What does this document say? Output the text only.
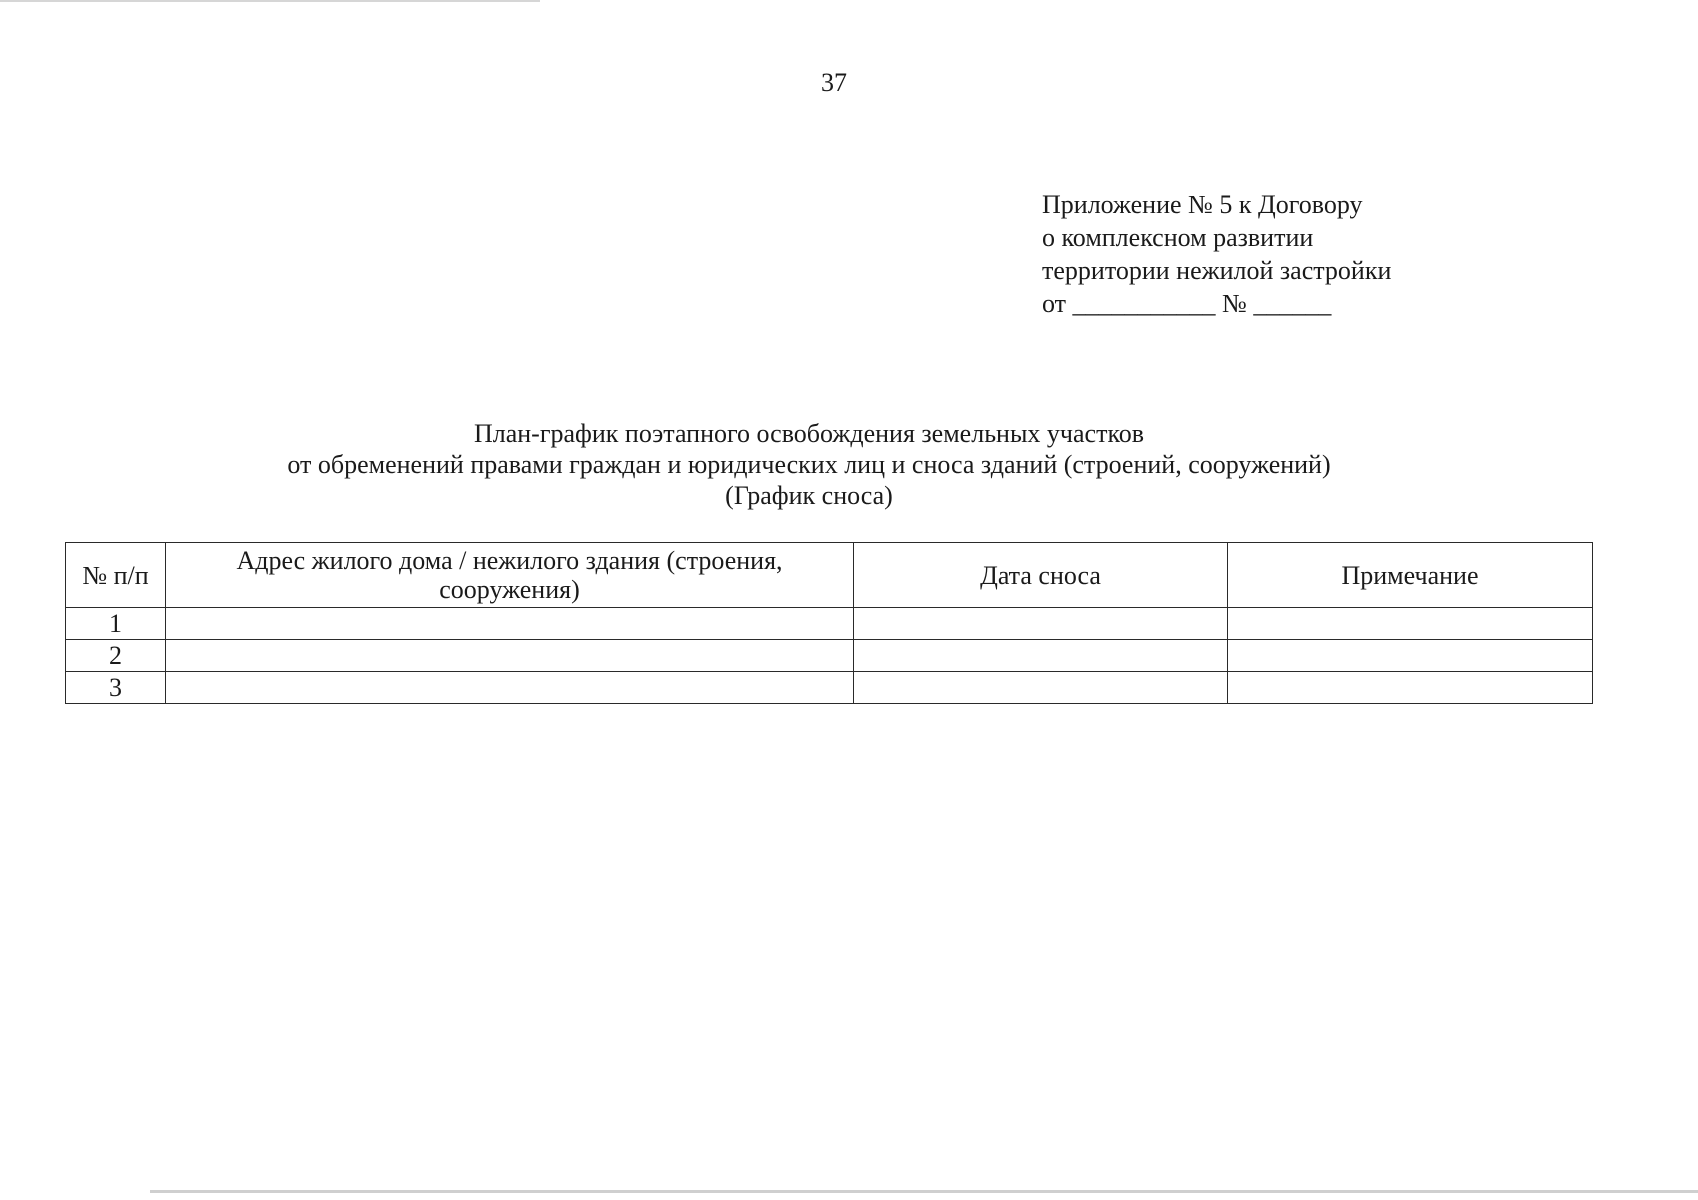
37
Приложение № 5 к Договору
о комплексном развитии
территории нежилой застройки
от ___________ № ______
План-график поэтапного освобождения земельных участков
от обременений правами граждан и юридических лиц и сноса зданий (строений, сооружений)
(График сноса)
№ п/п	Адрес жилого дома / нежилого здания (строения, сооружения)	Дата сноса	Примечание
1			
2			
3			
